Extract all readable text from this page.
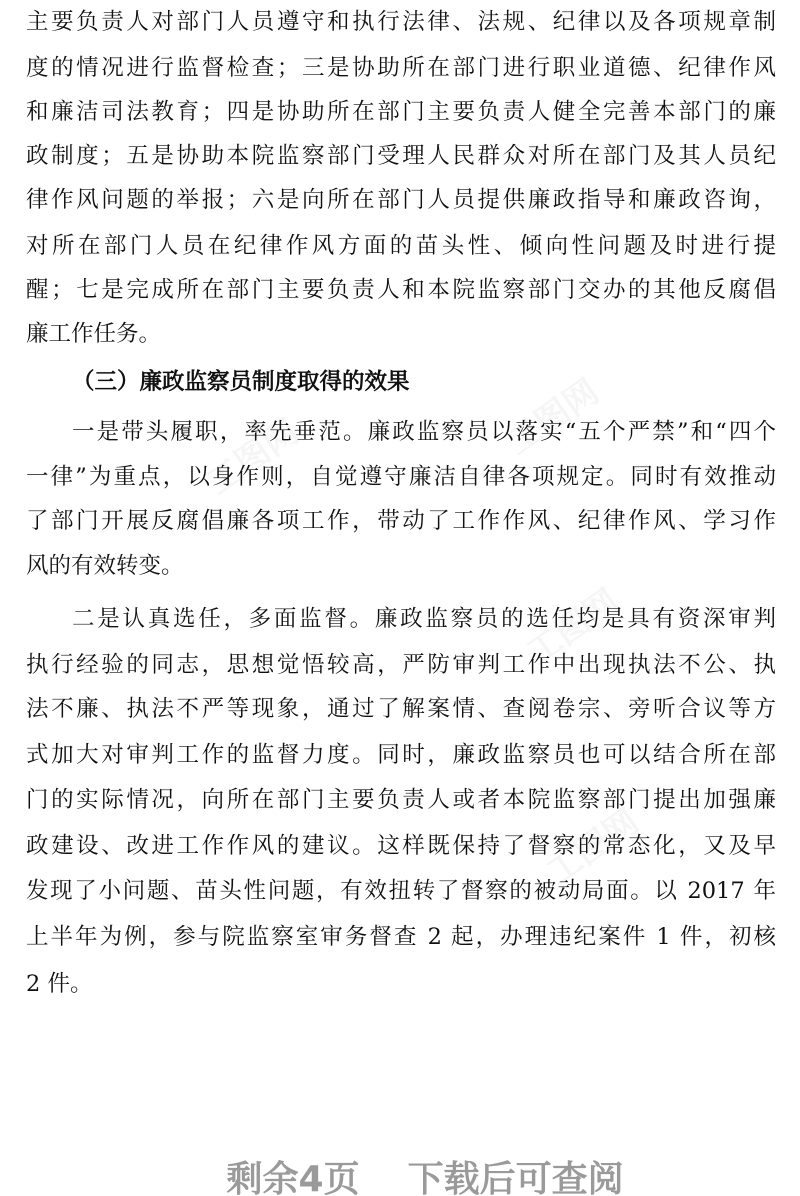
工图网
工图网
工图网
工图网
主要负责人对部门人员遵守和执行法律、法规、纪律以及各项规章制
度的情况进行监督检查；三是协助所在部门进行职业道德、纪律作风
和廉洁司法教育；四是协助所在部门主要负责人健全完善本部门的廉
政制度；五是协助本院监察部门受理人民群众对所在部门及其人员纪
律作风问题的举报；六是向所在部门人员提供廉政指导和廉政咨询，
对所在部门人员在纪律作风方面的苗头性、倾向性问题及时进行提
醒；七是完成所在部门主要负责人和本院监察部门交办的其他反腐倡
廉工作任务。
（三）廉政监察员制度取得的效果
一是带头履职，率先垂范。廉政监察员以落实“五个严禁”和“四个
一律”为重点，以身作则，自觉遵守廉洁自律各项规定。同时有效推动
了部门开展反腐倡廉各项工作，带动了工作作风、纪律作风、学习作
风的有效转变。
二是认真选任，多面监督。廉政监察员的选任均是具有资深审判
执行经验的同志，思想觉悟较高，严防审判工作中出现执法不公、执
法不廉、执法不严等现象，通过了解案情、查阅卷宗、旁听合议等方
式加大对审判工作的监督力度。同时，廉政监察员也可以结合所在部
门的实际情况，向所在部门主要负责人或者本院监察部门提出加强廉
政建设、改进工作作风的建议。这样既保持了督察的常态化，又及早
发现了小问题、苗头性问题，有效扭转了督察的被动局面。以 2017 年
上半年为例，参与院监察室审务督查 2 起，办理违纪案件 1 件，初核
2 件。

剩余4页 下载后可查阅
